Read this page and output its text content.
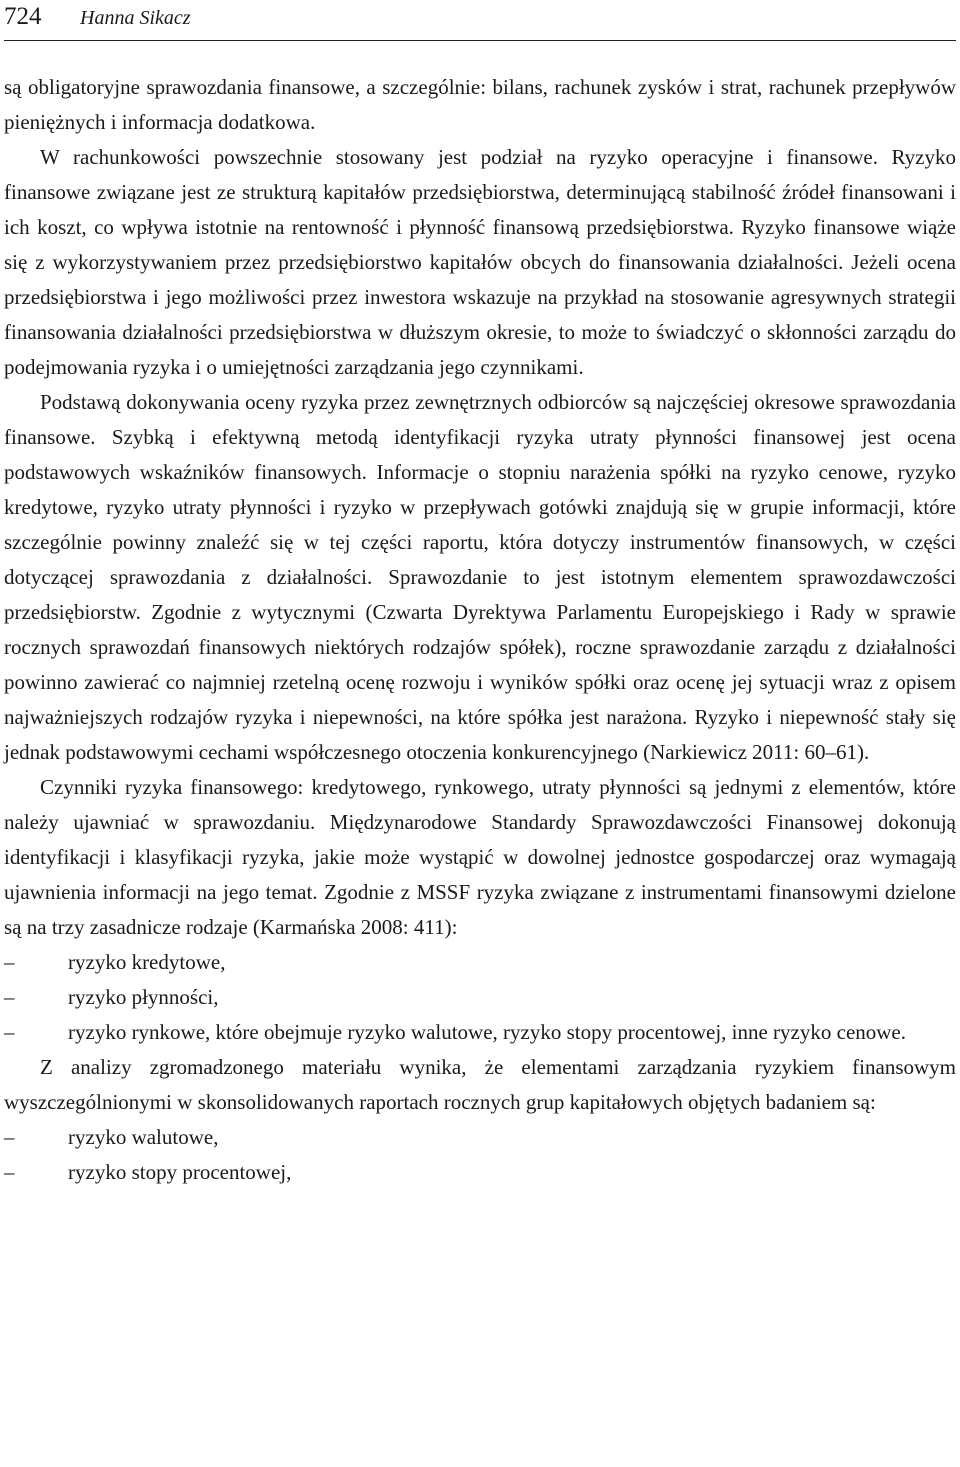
724 Hanna Sikacz

są obligatoryjne sprawozdania finansowe, a szczególnie: bilans, rachunek zysków i strat, rachunek przepływów pieniężnych i informacja dodatkowa.

W rachunkowości powszechnie stosowany jest podział na ryzyko operacyjne i finansowe. Ryzyko finansowe związane jest ze strukturą kapitałów przedsiębiorstwa, determinującą stabilność źródeł finansowani i ich koszt, co wpływa istotnie na rentowność i płynność finansową przedsiębiorstwa. Ryzyko finansowe wiąże się z wykorzystywaniem przez przedsiębiorstwo kapitałów obcych do finansowania działalności. Jeżeli ocena przedsiębiorstwa i jego możliwości przez inwestora wskazuje na przykład na stosowanie agresywnych strategii finansowania działalności przedsiębiorstwa w dłuższym okresie, to może to świadczyć o skłonności zarządu do podejmowania ryzyka i o umiejętności zarządzania jego czynnikami.

Podstawą dokonywania oceny ryzyka przez zewnętrznych odbiorców są najczęściej okresowe sprawozdania finansowe. Szybką i efektywną metodą identyfikacji ryzyka utraty płynności finansowej jest ocena podstawowych wskaźników finansowych. Informacje o stopniu narażenia spółki na ryzyko cenowe, ryzyko kredytowe, ryzyko utraty płynności i ryzyko w przepływach gotówki znajdują się w grupie informacji, które szczególnie powinny znaleźć się w tej części raportu, która dotyczy instrumentów finansowych, w części dotyczącej sprawozdania z działalności. Sprawozdanie to jest istotnym elementem sprawozdawczości przedsiębiorstw. Zgodnie z wytycznymi (Czwarta Dyrektywa Parlamentu Europejskiego i Rady w sprawie rocznych sprawozdań finansowych niektórych rodzajów spółek), roczne sprawozdanie zarządu z działalności powinno zawierać co najmniej rzetelną ocenę rozwoju i wyników spółki oraz ocenę jej sytuacji wraz z opisem najważniejszych rodzajów ryzyka i niepewności, na które spółka jest narażona. Ryzyko i niepewność stały się jednak podstawowymi cechami współczesnego otoczenia konkurencyjnego (Narkiewicz 2011: 60–61).

Czynniki ryzyka finansowego: kredytowego, rynkowego, utraty płynności są jednymi z elementów, które należy ujawniać w sprawozdaniu. Międzynarodowe Standardy Sprawozdawczości Finansowej dokonują identyfikacji i klasyfikacji ryzyka, jakie może wystąpić w dowolnej jednostce gospodarczej oraz wymagają ujawnienia informacji na jego temat. Zgodnie z MSSF ryzyka związane z instrumentami finansowymi dzielone są na trzy zasadnicze rodzaje (Karmańska 2008: 411):

–	ryzyko kredytowe,
–	ryzyko płynności,
–	ryzyko rynkowe, które obejmuje ryzyko walutowe, ryzyko stopy procentowej, inne ryzyko cenowe.

Z analizy zgromadzonego materiału wynika, że elementami zarządzania ryzykiem finansowym wyszczególnionymi w skonsolidowanych raportach rocznych grup kapitałowych objętych badaniem są:

–	ryzyko walutowe,
–	ryzyko stopy procentowej,
